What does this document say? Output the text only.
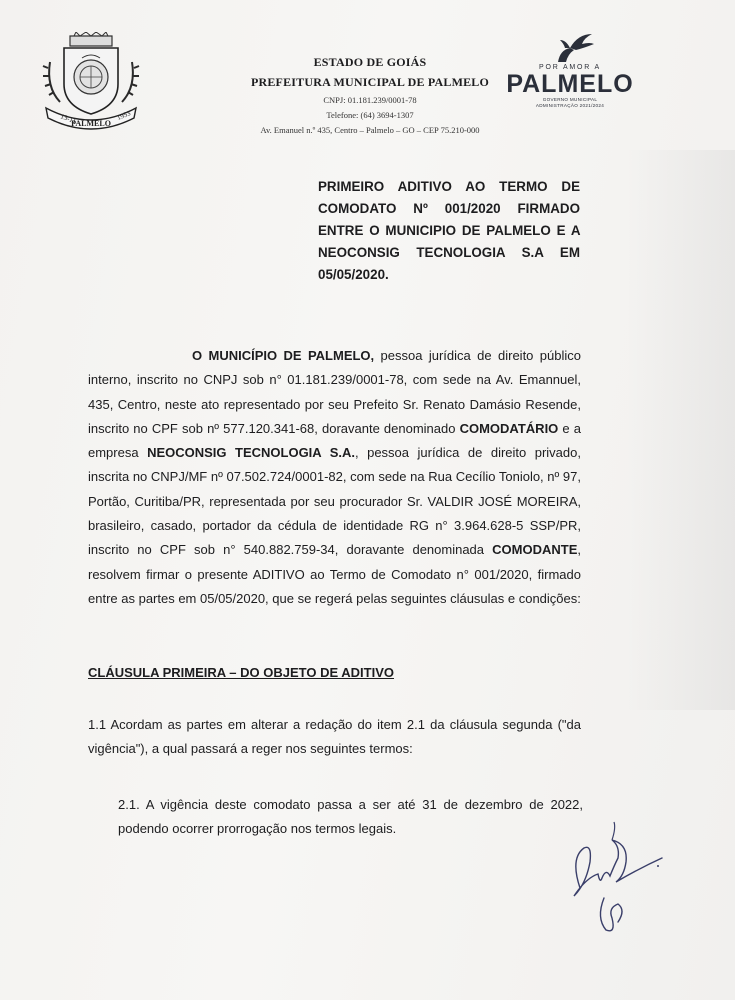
13-11
PALMELO
1953
ESTADO DE GOIÁS
PREFEITURA MUNICIPAL DE PALMELO
CNPJ: 01.181.239/0001-78
Telefone: (64) 3694-1307
Av. Emanuel n.º 435, Centro – Palmelo – GO – CEP 75.210-000
POR AMOR A
PALMELO
GOVERNO MUNICIPAL
ADMINISTRAÇÃO 2021/2024
PRIMEIRO ADITIVO AO TERMO DE COMODATO Nº 001/2020 FIRMADO ENTRE O MUNICIPIO DE PALMELO E A NEOCONSIG TECNOLOGIA S.A EM
05/05/2020.
O MUNICÍPIO DE PALMELO, pessoa jurídica de direito público interno, inscrito no CNPJ sob n° 01.181.239/0001-78, com sede na Av. Emannuel, 435, Centro, neste ato representado por seu Prefeito Sr. Renato Damásio Resende, inscrito no CPF sob nº 577.120.341-68, doravante denominado COMODATÁRIO e a empresa NEOCONSIG TECNOLOGIA S.A., pessoa jurídica de direito privado, inscrita no CNPJ/MF nº 07.502.724/0001-82, com sede na Rua Cecílio Toniolo, nº 97, Portão, Curitiba/PR, representada por seu procurador Sr. VALDIR JOSÉ MOREIRA, brasileiro, casado, portador da cédula de identidade RG n° 3.964.628-5 SSP/PR, inscrito no CPF sob n° 540.882.759-34, doravante denominada COMODANTE, resolvem firmar o presente ADITIVO ao Termo de Comodato n° 001/2020, firmado entre as partes em 05/05/2020, que se regerá pelas seguintes cláusulas e condições:
CLÁUSULA PRIMEIRA – DO OBJETO DE ADITIVO
1.1 Acordam as partes em alterar a redação do item 2.1 da cláusula segunda ("da vigência"), a qual passará a reger nos seguintes termos:
2.1. A vigência deste comodato passa a ser até 31 de dezembro de 2022, podendo ocorrer prorrogação nos termos legais.
